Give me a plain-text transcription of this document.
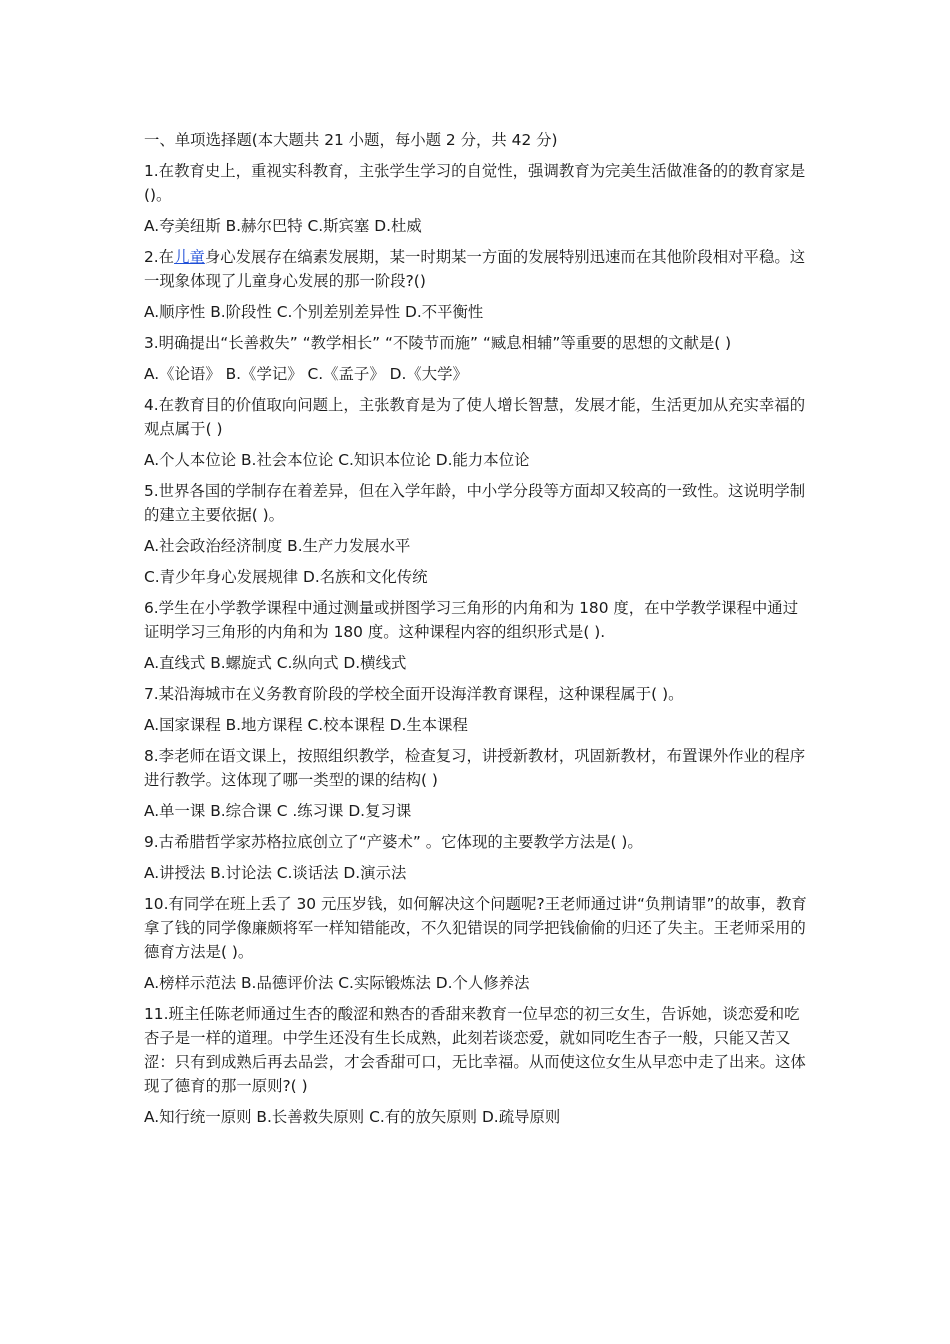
一、单项选择题(本大题共 21 小题，每小题 2 分，共 42 分)

1.在教育史上，重视实科教育，主张学生学习的自觉性，强调教育为完美生活做准备的的教育家是()。

A.夸美纽斯 B.赫尔巴特 C.斯宾塞 D.杜威

2.在儿童身心发展存在缟素发展期，某一时期某一方面的发展特别迅速而在其他阶段相对平稳。这一现象体现了儿童身心发展的那一阶段?()

A.顺序性 B.阶段性 C.个别差别差异性 D.不平衡性

3.明确提出“长善救失” “教学相长” “不陵节而施” “臧息相辅”等重要的思想的文献是( )

A.《论语》 B.《学记》 C.《孟子》 D.《大学》

4.在教育目的价值取向问题上，主张教育是为了使人增长智慧，发展才能，生活更加从充实幸福的观点属于( )

A.个人本位论 B.社会本位论 C.知识本位论 D.能力本位论

5.世界各国的学制存在着差异，但在入学年龄，中小学分段等方面却又较高的一致性。这说明学制的建立主要依据( )。

A.社会政治经济制度 B.生产力发展水平

C.青少年身心发展规律 D.名族和文化传统

6.学生在小学教学课程中通过测量或拼图学习三角形的内角和为 180 度，在中学教学课程中通过证明学习三角形的内角和为 180 度。这种课程内容的组织形式是( ).

A.直线式 B.螺旋式 C.纵向式 D.横线式

7.某沿海城市在义务教育阶段的学校全面开设海洋教育课程，这种课程属于( )。

A.国家课程 B.地方课程 C.校本课程 D.生本课程

8.李老师在语文课上，按照组织教学，检查复习，讲授新教材，巩固新教材，布置课外作业的程序进行教学。这体现了哪一类型的课的结构( )

A.单一课 B.综合课 C .练习课 D.复习课

9.古希腊哲学家苏格拉底创立了“产婆术” 。它体现的主要教学方法是( )。

A.讲授法 B.讨论法 C.谈话法 D.演示法

10.有同学在班上丢了 30 元压岁钱，如何解决这个问题呢?王老师通过讲“负荆请罪”的故事，教育拿了钱的同学像廉颇将军一样知错能改，不久犯错误的同学把钱偷偷的归还了失主。王老师采用的德育方法是( )。

A.榜样示范法 B.品德评价法 C.实际锻炼法 D.个人修养法

11.班主任陈老师通过生杏的酸涩和熟杏的香甜来教育一位早恋的初三女生，告诉她，谈恋爱和吃杏子是一样的道理。中学生还没有生长成熟，此刻若谈恋爱，就如同吃生杏子一般，只能又苦又涩：只有到成熟后再去品尝，才会香甜可口，无比幸福。从而使这位女生从早恋中走了出来。这体现了德育的那一原则?( )

A.知行统一原则 B.长善救失原则 C.有的放矢原则 D.疏导原则
